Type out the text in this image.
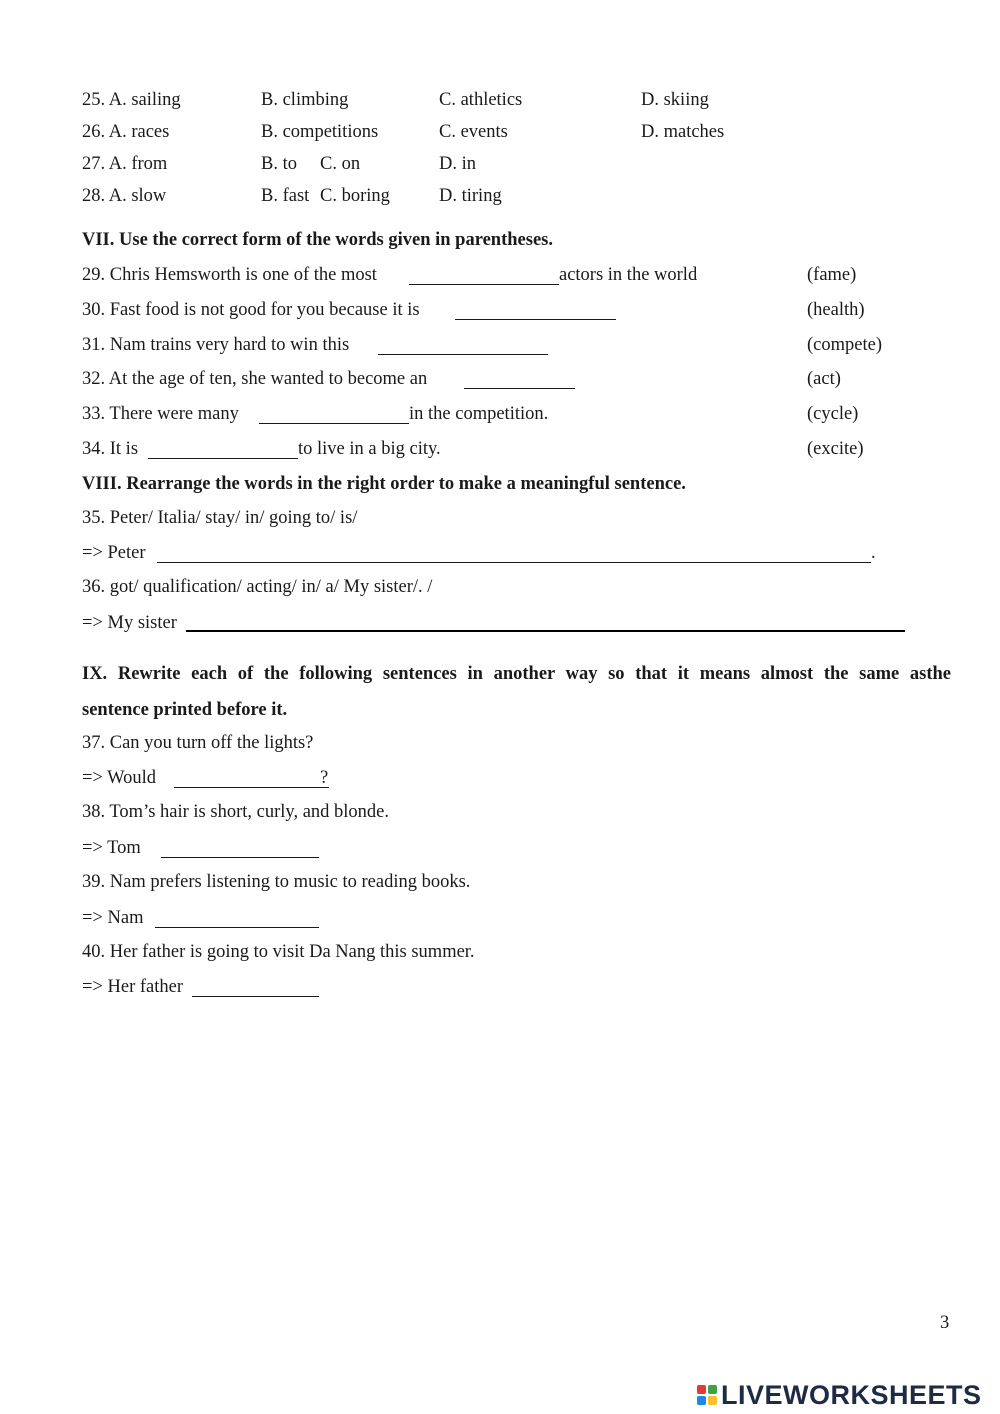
25. A. sailing	B. climbing	C. athletics	D. skiing
26. A. races	B. competitions	C. events	D. matches
27. A. from	B. to C. on	D. in
28. A. slow	B. fast C. boring	D. tiring
VII. Use the correct form of the words given in parentheses.
29. Chris Hemsworth is one of the most	actors in the world	(fame)
30. Fast food is not good for you because it is	(health)
31. Nam trains very hard to win this	(compete)
32. At the age of ten, she wanted to become an	(act)
33. There were many	in the competition.	(cycle)
34. It is	to live in a big city.	(excite)
VIII. Rearrange the words in the right order to make a meaningful sentence.
35. Peter/ Italia/ stay/ in/ going to/ is/
=> Peter	.
36. got/ qualification/ acting/ in/ a/ My sister/. /
=> My sister
IX. Rewrite each of the following sentences in another way so that it means almost the same asthe
sentence printed before it.
37. Can you turn off the lights?
=> Would	?
38. Tom’s hair is short, curly, and blonde.
=> Tom
39. Nam prefers listening to music to reading books.
=> Nam
40. Her father is going to visit Da Nang this summer.
=> Her father
3
LIVEWORKSHEETS
